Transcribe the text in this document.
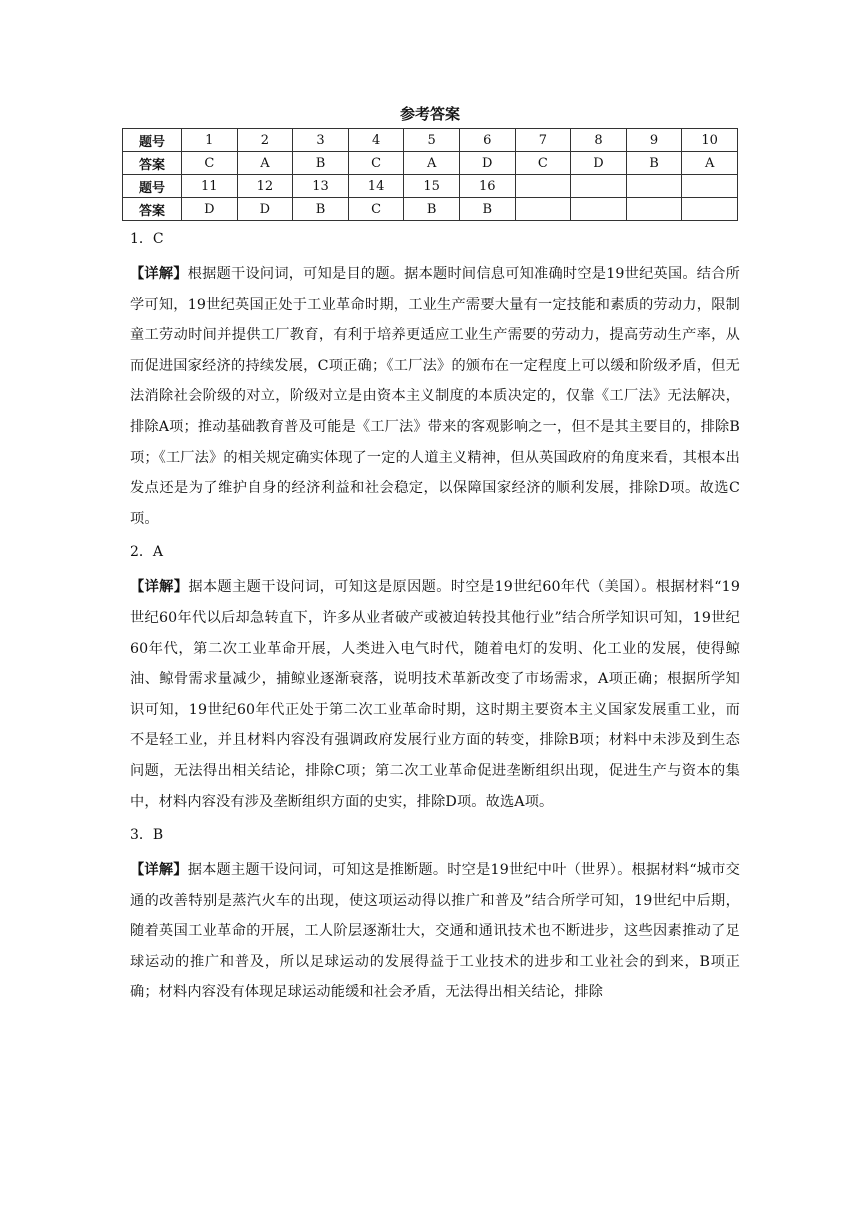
参考答案
题号	1	2	3	4	5	6	7	8	9	10
答案	C	A	B	C	A	D	C	D	B	A
题号	11	12	13	14	15	16				
答案	D	D	B	C	B	B				
1．C

【详解】根据题干设问词，可知是目的题。据本题时间信息可知准确时空是19世纪英国。结合所学可知，19世纪英国正处于工业革命时期，工业生产需要大量有一定技能和素质的劳动力，限制童工劳动时间并提供工厂教育，有利于培养更适应工业生产需要的劳动力，提高劳动生产率，从而促进国家经济的持续发展，C项正确；《工厂法》的颁布在一定程度上可以缓和阶级矛盾，但无法消除社会阶级的对立，阶级对立是由资本主义制度的本质决定的，仅靠《工厂法》无法解决，排除A项；推动基础教育普及可能是《工厂法》带来的客观影响之一，但不是其主要目的，排除B项；《工厂法》的相关规定确实体现了一定的人道主义精神，但从英国政府的角度来看，其根本出发点还是为了维护自身的经济利益和社会稳定，以保障国家经济的顺利发展，排除D项。故选C项。

2．A

【详解】据本题主题干设问词，可知这是原因题。时空是19世纪60年代（美国）。根据材料“19世纪60年代以后却急转直下，许多从业者破产或被迫转投其他行业”结合所学知识可知，19世纪60年代，第二次工业革命开展，人类进入电气时代，随着电灯的发明、化工业的发展，使得鲸油、鲸骨需求量减少，捕鲸业逐渐衰落，说明技术革新改变了市场需求，A项正确；根据所学知识可知，19世纪60年代正处于第二次工业革命时期，这时期主要资本主义国家发展重工业，而不是轻工业，并且材料内容没有强调政府发展行业方面的转变，排除B项；材料中未涉及到生态问题，无法得出相关结论，排除C项；第二次工业革命促进垄断组织出现，促进生产与资本的集中，材料内容没有涉及垄断组织方面的史实，排除D项。故选A项。

3．B

【详解】据本题主题干设问词，可知这是推断题。时空是19世纪中叶（世界）。根据材料“城市交通的改善特别是蒸汽火车的出现，使这项运动得以推广和普及”结合所学可知，19世纪中后期，随着英国工业革命的开展，工人阶层逐渐壮大，交通和通讯技术也不断进步，这些因素推动了足球运动的推广和普及，所以足球运动的发展得益于工业技术的进步和工业社会的到来，B项正确；材料内容没有体现足球运动能缓和社会矛盾，无法得出相关结论，排除
